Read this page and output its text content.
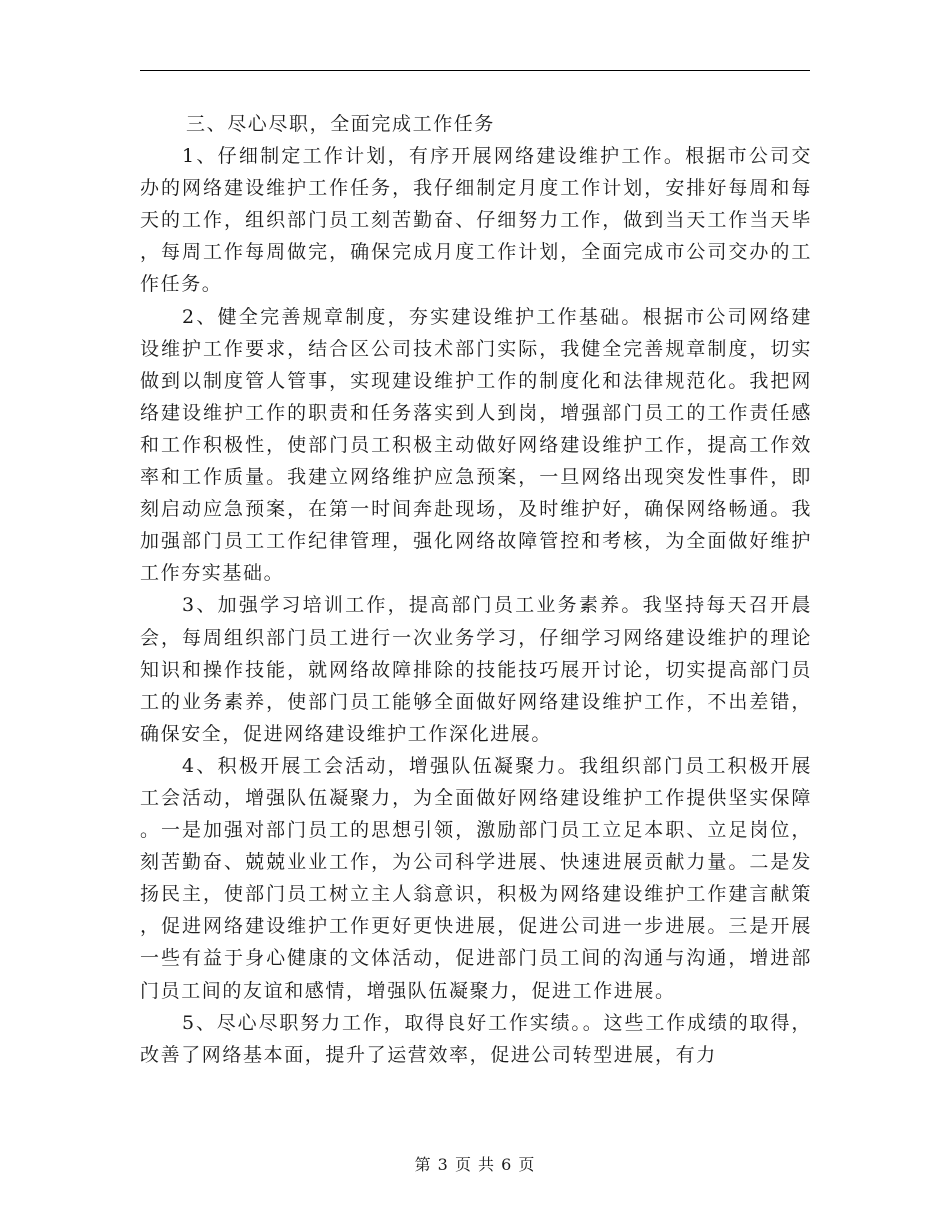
三、尽心尽职，全面完成工作任务

1、仔细制定工作计划，有序开展网络建设维护工作。根据市公司交办的网络建设维护工作任务，我仔细制定月度工作计划，安排好每周和每天的工作，组织部门员工刻苦勤奋、仔细努力工作，做到当天工作当天毕，每周工作每周做完，确保完成月度工作计划，全面完成市公司交办的工作任务。

2、健全完善规章制度，夯实建设维护工作基础。根据市公司网络建设维护工作要求，结合区公司技术部门实际，我健全完善规章制度，切实做到以制度管人管事，实现建设维护工作的制度化和法律规范化。我把网络建设维护工作的职责和任务落实到人到岗，增强部门员工的工作责任感和工作积极性，使部门员工积极主动做好网络建设维护工作，提高工作效率和工作质量。我建立网络维护应急预案，一旦网络出现突发性事件，即刻启动应急预案，在第一时间奔赴现场，及时维护好，确保网络畅通。我加强部门员工工作纪律管理，强化网络故障管控和考核，为全面做好维护工作夯实基础。

3、加强学习培训工作，提高部门员工业务素养。我坚持每天召开晨会，每周组织部门员工进行一次业务学习，仔细学习网络建设维护的理论知识和操作技能，就网络故障排除的技能技巧展开讨论，切实提高部门员工的业务素养，使部门员工能够全面做好网络建设维护工作，不出差错，确保安全，促进网络建设维护工作深化进展。

4、积极开展工会活动，增强队伍凝聚力。我组织部门员工积极开展工会活动，增强队伍凝聚力，为全面做好网络建设维护工作提供坚实保障。一是加强对部门员工的思想引领，激励部门员工立足本职、立足岗位，刻苦勤奋、兢兢业业工作，为公司科学进展、快速进展贡献力量。二是发扬民主，使部门员工树立主人翁意识，积极为网络建设维护工作建言献策，促进网络建设维护工作更好更快进展，促进公司进一步进展。三是开展一些有益于身心健康的文体活动，促进部门员工间的沟通与沟通，增进部门员工间的友谊和感情，增强队伍凝聚力，促进工作进展。

5、尽心尽职努力工作，取得良好工作实绩。。这些工作成绩的取得，改善了网络基本面，提升了运营效率，促进公司转型进展，有力

第 3 页 共 6 页
